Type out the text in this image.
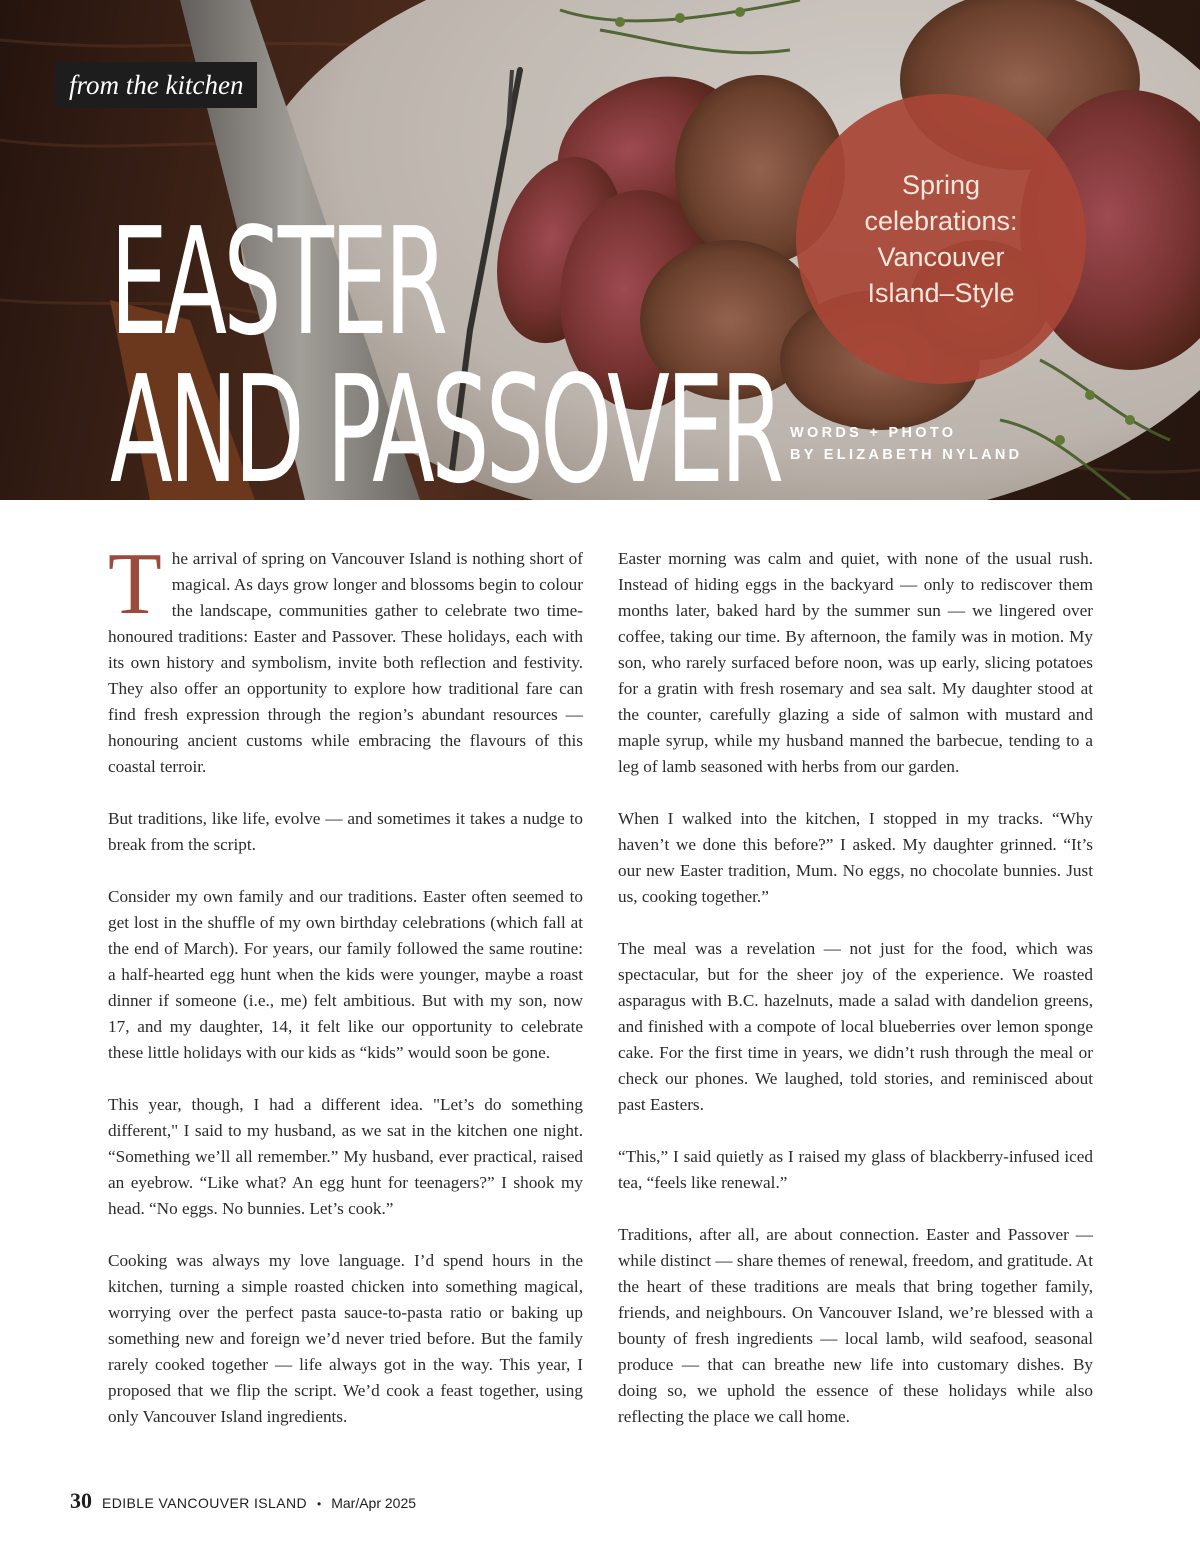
from the kitchen
Spring celebrations: Vancouver Island–Style
EASTER
AND PASSOVER WORDS + PHOTO
BY ELIZABETH NYLAND

The arrival of spring on Vancouver Island is nothing short of magical. As days grow longer and blossoms begin to colour the landscape, communities gather to celebrate two time-honoured traditions: Easter and Passover. These holidays, each with its own history and symbolism, invite both reflection and festivity. They also offer an opportunity to explore how traditional fare can find fresh expression through the region’s abundant resources — honouring ancient customs while embracing the flavours of this coastal terroir.

But traditions, like life, evolve — and sometimes it takes a nudge to break from the script.

Consider my own family and our traditions. Easter often seemed to get lost in the shuffle of my own birthday celebrations (which fall at the end of March). For years, our family followed the same routine: a half-hearted egg hunt when the kids were younger, maybe a roast dinner if someone (i.e., me) felt ambitious. But with my son, now 17, and my daughter, 14, it felt like our opportunity to celebrate these little holidays with our kids as “kids” would soon be gone.

This year, though, I had a different idea. "Let’s do something different," I said to my husband, as we sat in the kitchen one night. “Something we’ll all remember.” My husband, ever practical, raised an eyebrow. “Like what? An egg hunt for teenagers?” I shook my head. “No eggs. No bunnies. Let’s cook.”

Cooking was always my love language. I’d spend hours in the kitchen, turning a simple roasted chicken into something magical, worrying over the perfect pasta sauce-to-pasta ratio or baking up something new and foreign we’d never tried before. But the family rarely cooked together — life always got in the way. This year, I proposed that we flip the script. We’d cook a feast together, using only Vancouver Island ingredients.

Easter morning was calm and quiet, with none of the usual rush. Instead of hiding eggs in the backyard — only to rediscover them months later, baked hard by the summer sun — we lingered over coffee, taking our time. By afternoon, the family was in motion. My son, who rarely surfaced before noon, was up early, slicing potatoes for a gratin with fresh rosemary and sea salt. My daughter stood at the counter, carefully glazing a side of salmon with mustard and maple syrup, while my husband manned the barbecue, tending to a leg of lamb seasoned with herbs from our garden.

When I walked into the kitchen, I stopped in my tracks. “Why haven’t we done this before?” I asked. My daughter grinned. “It’s our new Easter tradition, Mum. No eggs, no chocolate bunnies. Just us, cooking together.”

The meal was a revelation — not just for the food, which was spectacular, but for the sheer joy of the experience. We roasted asparagus with B.C. hazelnuts, made a salad with dandelion greens, and finished with a compote of local blueberries over lemon sponge cake. For the first time in years, we didn’t rush through the meal or check our phones. We laughed, told stories, and reminisced about past Easters.

“This,” I said quietly as I raised my glass of blackberry-infused iced tea, “feels like renewal.”

Traditions, after all, are about connection. Easter and Passover — while distinct — share themes of renewal, freedom, and gratitude. At the heart of these traditions are meals that bring together family, friends, and neighbours. On Vancouver Island, we’re blessed with a bounty of fresh ingredients — local lamb, wild seafood, seasonal produce — that can breathe new life into customary dishes. By doing so, we uphold the essence of these holidays while also reflecting the place we call home.

30 EDIBLE VANCOUVER ISLAND • Mar/Apr 2025
